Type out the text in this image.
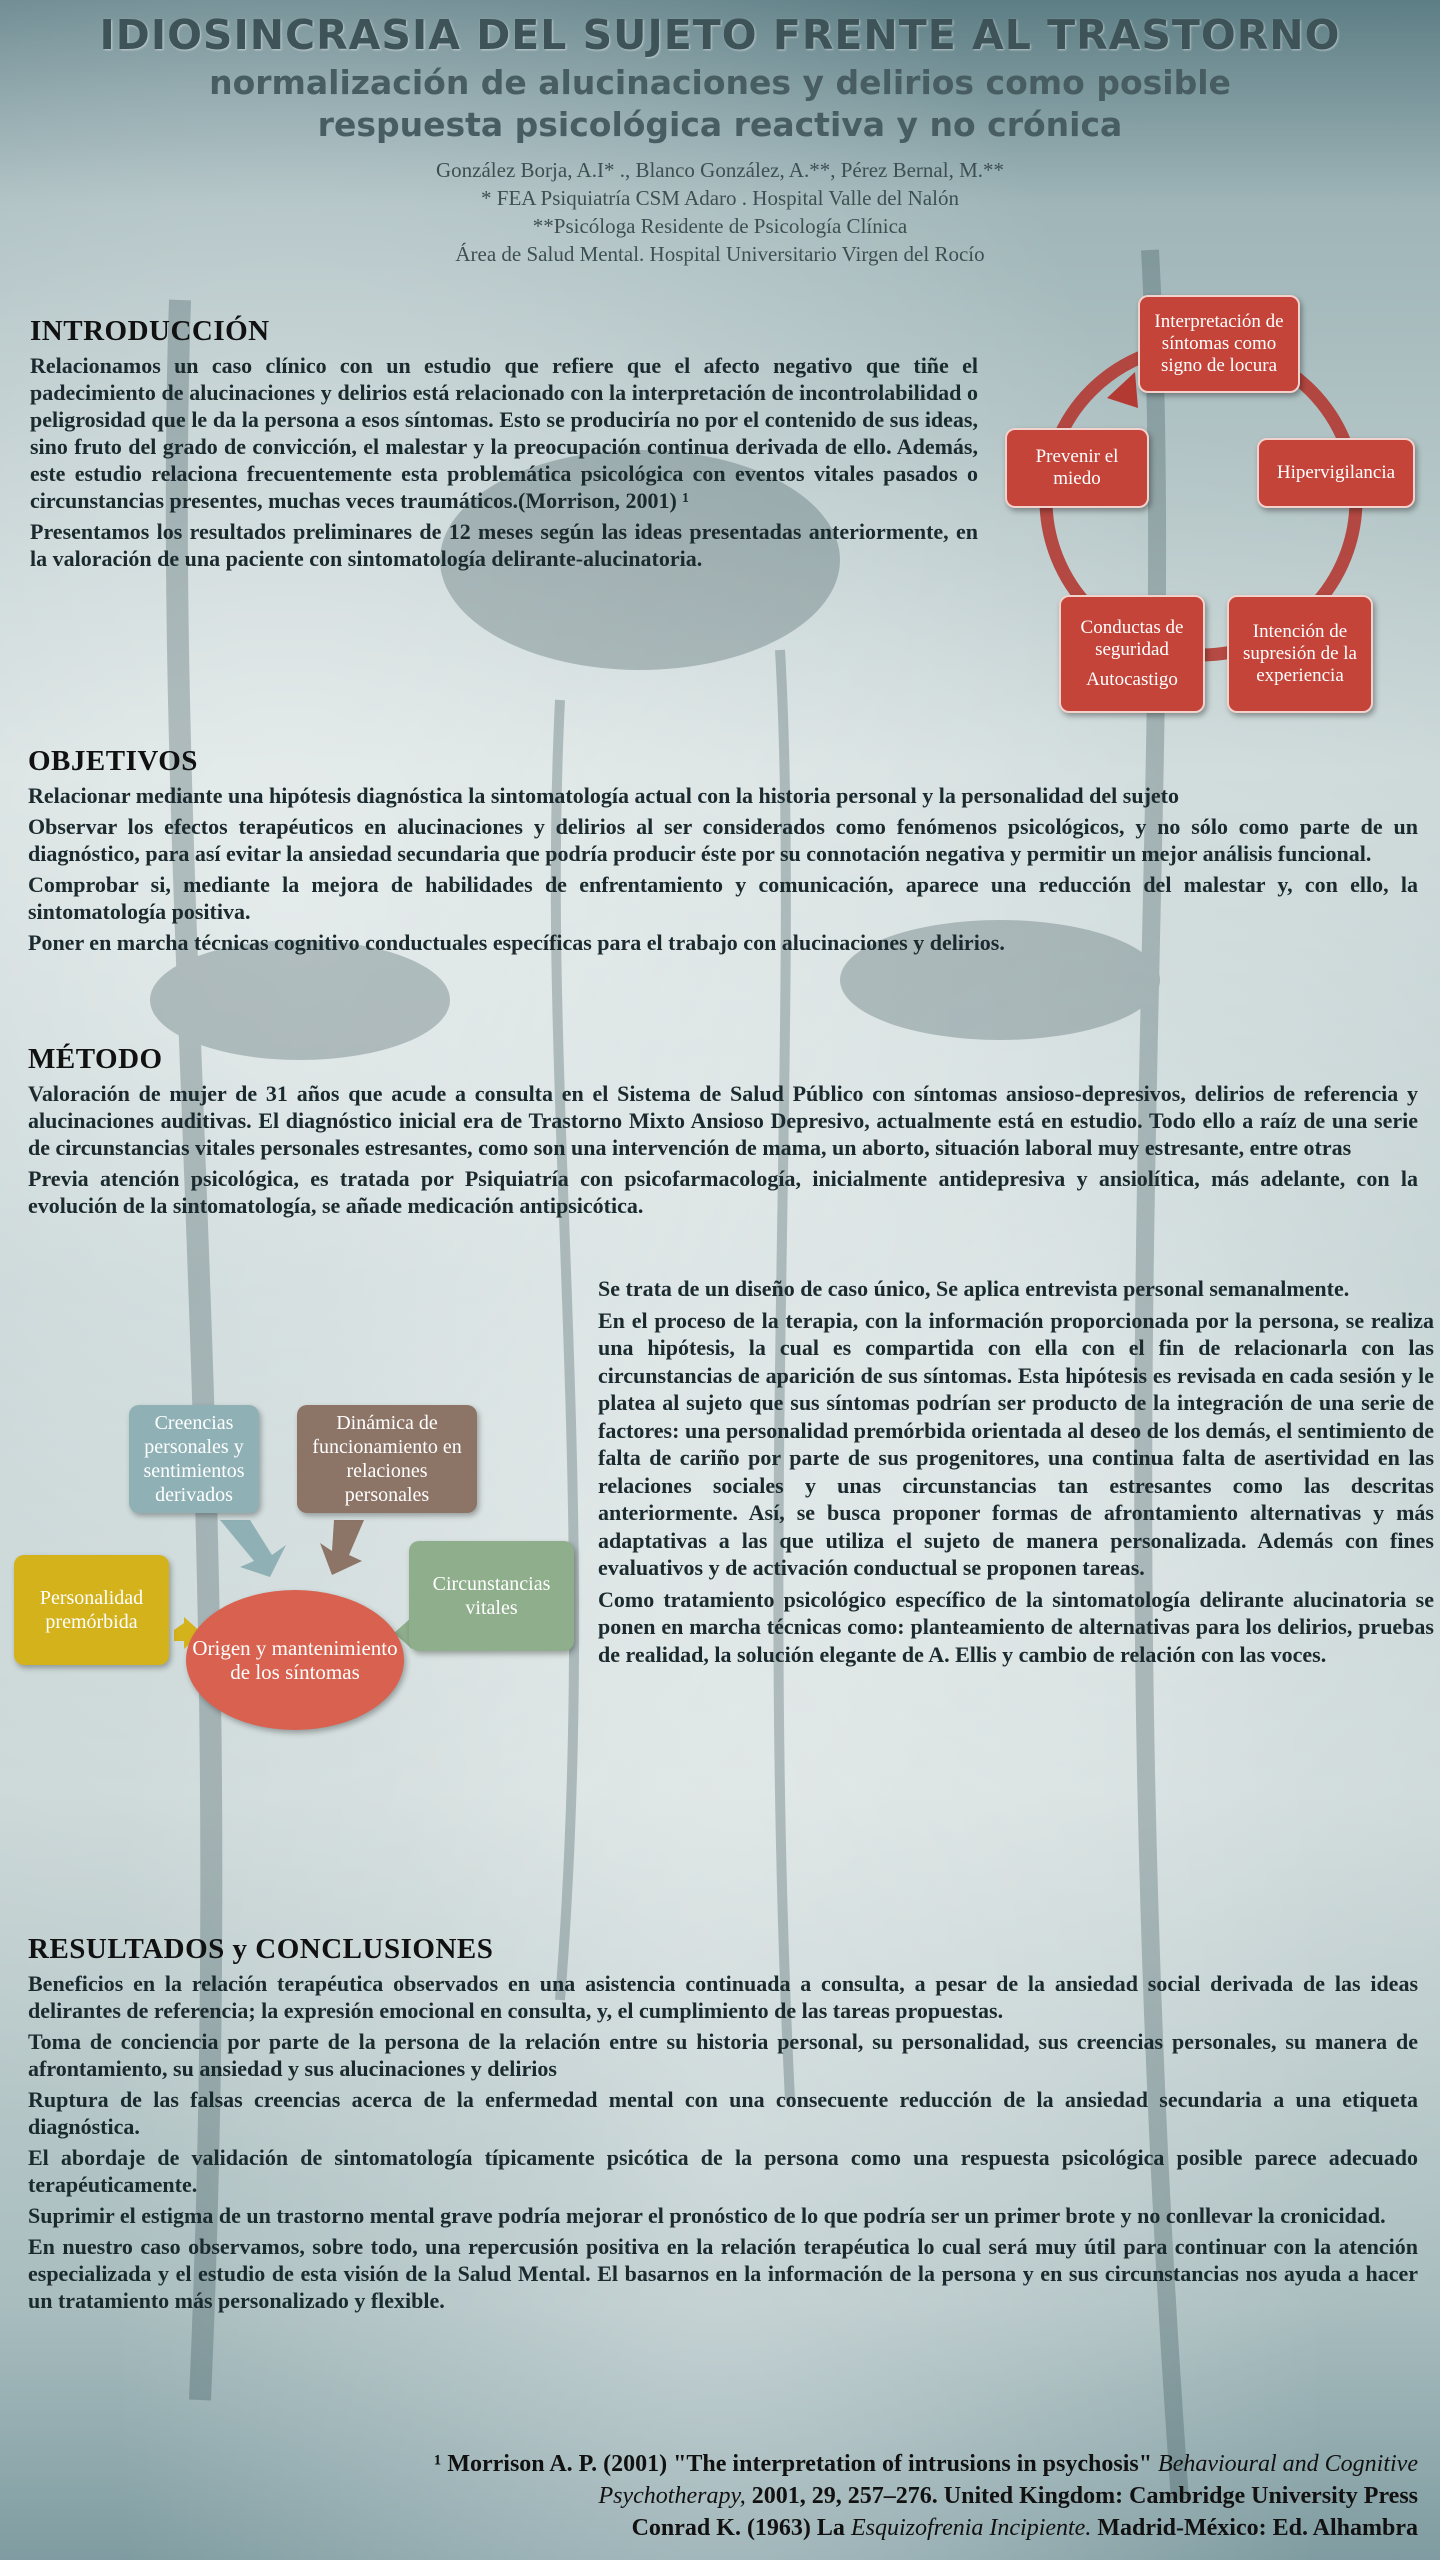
IDIOSINCRASIA DEL SUJETO FRENTE AL TRASTORNO
normalización de alucinaciones y delirios como posible
respuesta psicológica reactiva y no crónica
González Borja, A.I* ., Blanco González, A.**, Pérez Bernal, M.**
* FEA Psiquiatría CSM Adaro . Hospital Valle del Nalón
**Psicóloga Residente de Psicología Clínica
Área de Salud Mental. Hospital Universitario Virgen del Rocío
INTRODUCCIÓN

Relacionamos un caso clínico con un estudio que refiere que el afecto negativo que tiñe el padecimiento de alucinaciones y delirios está relacionado con la interpretación de incontrolabilidad o peligrosidad que le da la persona a esos síntomas. Esto se produciría no por el contenido de sus ideas, sino fruto del grado de convicción, el malestar y la preocupación continua derivada de ello. Además, este estudio relaciona frecuentemente esta problemática psicológica con eventos vitales pasados o circunstancias presentes, muchas veces traumáticos.(Morrison, 2001) ¹

Presentamos los resultados preliminares de 12 meses según las ideas presentadas anteriormente, en la valoración de una paciente con sintomatología delirante-alucinatoria.

Interpretación de síntomas como signo de locura
Hipervigilancia
Intención de supresión de la experiencia
Conductas de seguridad
Autocastigo
Prevenir el miedo
OBJETIVOS

Relacionar mediante una hipótesis diagnóstica la sintomatología actual con la historia personal y la personalidad del sujeto

Observar los efectos terapéuticos en alucinaciones y delirios al ser considerados como fenómenos psicológicos, y no sólo como parte de un diagnóstico, para así evitar la ansiedad secundaria que podría producir éste por su connotación negativa y permitir un mejor análisis funcional.

Comprobar si, mediante la mejora de habilidades de enfrentamiento y comunicación, aparece una reducción del malestar y, con ello, la sintomatología positiva.

Poner en marcha técnicas cognitivo conductuales específicas para el trabajo con alucinaciones y delirios.

MÉTODO

Valoración de mujer de 31 años que acude a consulta en el Sistema de Salud Público con síntomas ansioso-depresivos, delirios de referencia y alucinaciones auditivas. El diagnóstico inicial era de Trastorno Mixto Ansioso Depresivo, actualmente está en estudio. Todo ello a raíz de una serie de circunstancias vitales personales estresantes, como son una intervención de mama, un aborto, situación laboral muy estresante, entre otras

Previa atención psicológica, es tratada por Psiquiatría con psicofarmacología, inicialmente antidepresiva y ansiolítica, más adelante, con la evolución de la sintomatología, se añade medicación antipsicótica.

Creencias personales y sentimientos derivados
Dinámica de funcionamiento en relaciones personales
Personalidad premórbida
Circunstancias vitales
Origen y mantenimiento de los síntomas

Se trata de un diseño de caso único, Se aplica entrevista personal semanalmente.

En el proceso de la terapia, con la información proporcionada por la persona, se realiza una hipótesis, la cual es compartida con ella con el fin de relacionarla con las circunstancias de aparición de sus síntomas. Esta hipótesis es revisada en cada sesión y le platea al sujeto que sus síntomas podrían ser producto de la integración de una serie de factores: una personalidad premórbida orientada al deseo de los demás, el sentimiento de falta de cariño por parte de sus progenitores, una continua falta de asertividad en las relaciones sociales y unas circunstancias tan estresantes como las descritas anteriormente. Así, se busca proponer formas de afrontamiento alternativas y más adaptativas a las que utiliza el sujeto de manera personalizada. Además con fines evaluativos y de activación conductual se proponen tareas.

Como tratamiento psicológico específico de la sintomatología delirante alucinatoria se ponen en marcha técnicas como: planteamiento de alternativas para los delirios, pruebas de realidad, la solución elegante de A. Ellis y cambio de relación con las voces.

RESULTADOS y CONCLUSIONES

Beneficios en la relación terapéutica observados en una asistencia continuada a consulta, a pesar de la ansiedad social derivada de las ideas delirantes de referencia; la expresión emocional en consulta, y, el cumplimiento de las tareas propuestas.

Toma de conciencia por parte de la persona de la relación entre su historia personal, su personalidad, sus creencias personales, su manera de afrontamiento, su ansiedad y sus alucinaciones y delirios

Ruptura de las falsas creencias acerca de la enfermedad mental con una consecuente reducción de la ansiedad secundaria a una etiqueta diagnóstica.

El abordaje de validación de sintomatología típicamente psicótica de la persona como una respuesta psicológica posible parece adecuado terapéuticamente.

Suprimir el estigma de un trastorno mental grave podría mejorar el pronóstico de lo que podría ser un primer brote y no conllevar la cronicidad.

En nuestro caso observamos, sobre todo, una repercusión positiva en la relación terapéutica lo cual será muy útil para continuar con la atención especializada y el estudio de esta visión de la Salud Mental. El basarnos en la información de la persona y en sus circunstancias nos ayuda a hacer un tratamiento más personalizado y flexible.

¹ Morrison A. P. (2001) "The interpretation of intrusions in psychosis" Behavioural and Cognitive
Psychotherapy, 2001, 29, 257–276. United Kingdom: Cambridge University Press
Conrad K. (1963) La Esquizofrenia Incipiente. Madrid-México: Ed. Alhambra
